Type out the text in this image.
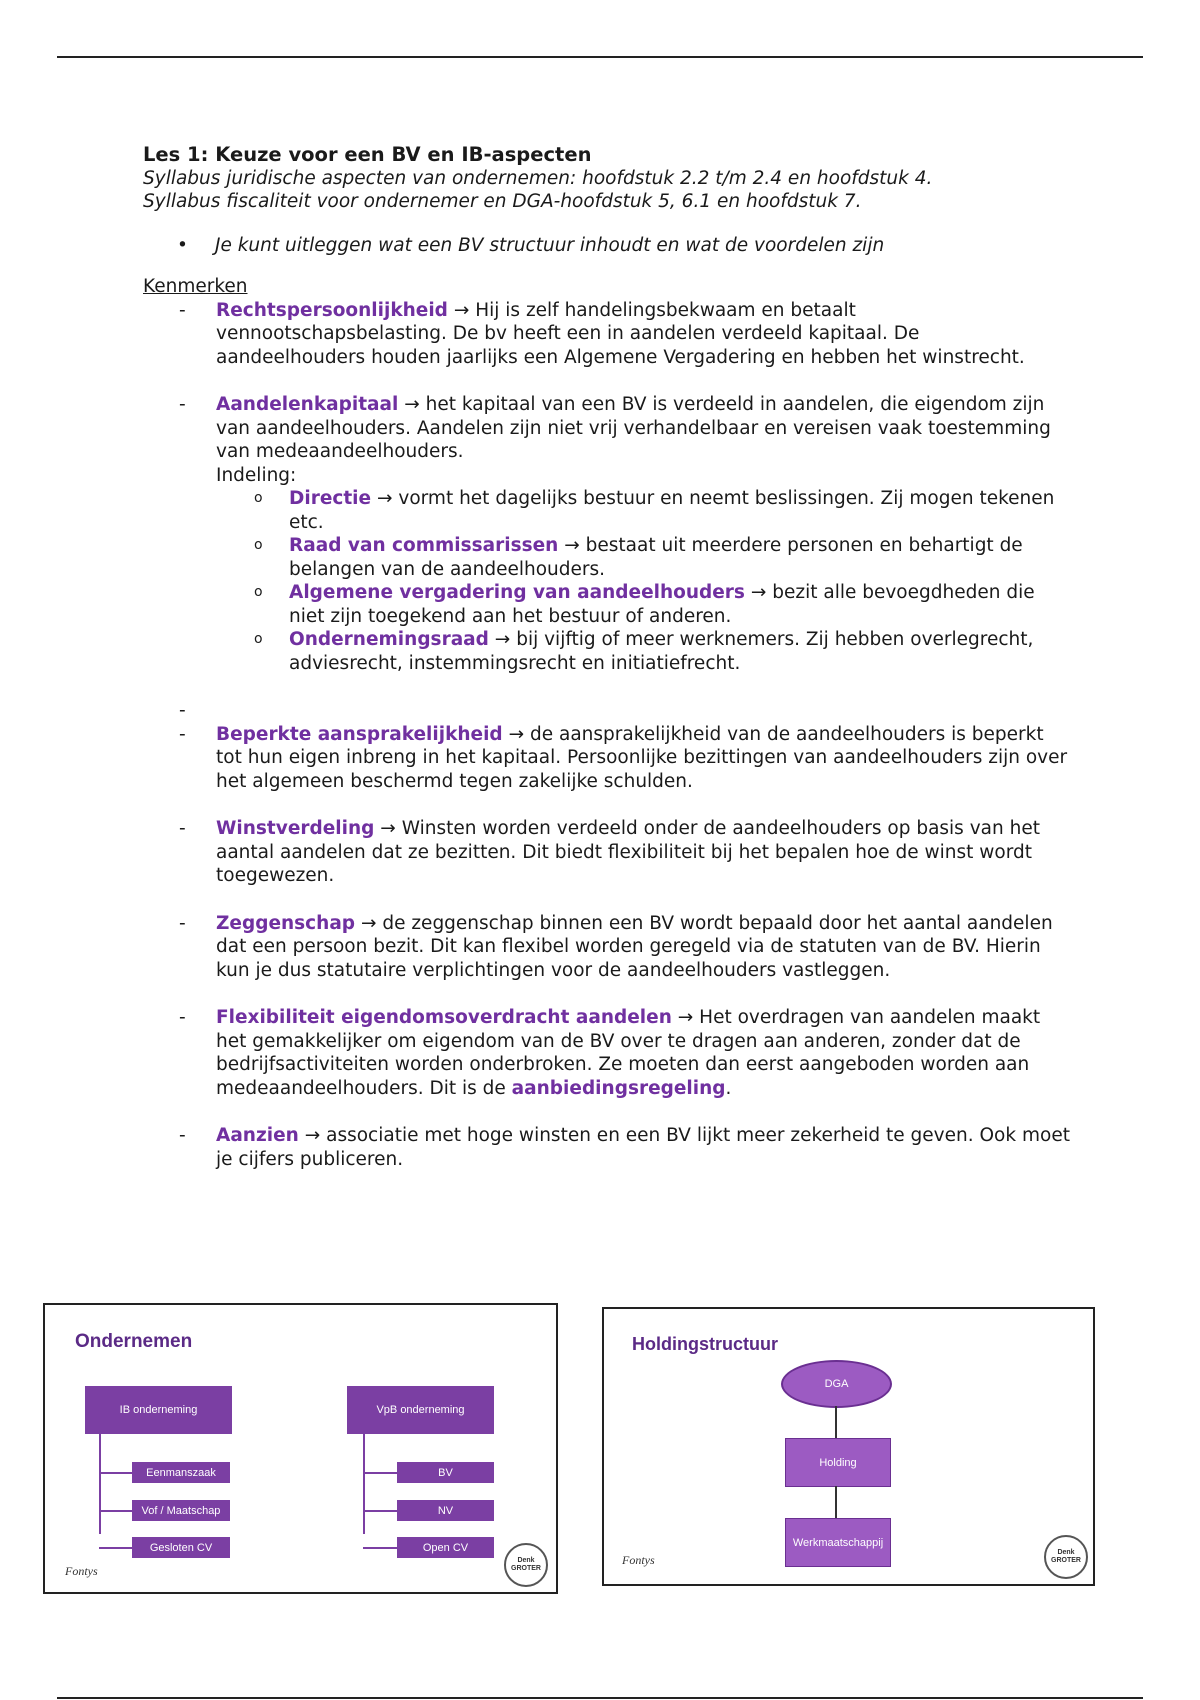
Les 1: Keuze voor een BV en IB-aspecten

Syllabus juridische aspecten van ondernemen: hoofdstuk 2.2 t/m 2.4 en hoofdstuk 4.

Syllabus fiscaliteit voor ondernemer en DGA-hoofdstuk 5, 6.1 en hoofdstuk 7.

•	Je kunt uitleggen wat een BV structuur inhoudt en wat de voordelen zijn
Kenmerken
-	Rechtspersoonlijkheid → Hij is zelf handelingsbekwaam en betaalt vennootschapsbelasting. De bv heeft een in aandelen verdeeld kapitaal. De aandeelhouders houden jaarlijks een Algemene Vergadering en hebben het winstrecht.
-	Aandelenkapitaal → het kapitaal van een BV is verdeeld in aandelen, die eigendom zijn van aandeelhouders. Aandelen zijn niet vrij verhandelbaar en vereisen vaak toestemming van medeaandeelhouders.
Indeling:
o	Directie → vormt het dagelijks bestuur en neemt beslissingen. Zij mogen tekenen etc.
o	Raad van commissarissen → bestaat uit meerdere personen en behartigt de belangen van de aandeelhouders.
o	Algemene vergadering van aandeelhouders → bezit alle bevoegdheden die niet zijn toegekend aan het bestuur of anderen.
o	Ondernemingsraad → bij vijftig of meer werknemers. Zij hebben overlegrecht, adviesrecht, instemmingsrecht en initiatiefrecht.
-
-	Beperkte aansprakelijkheid → de aansprakelijkheid van de aandeelhouders is beperkt tot hun eigen inbreng in het kapitaal. Persoonlijke bezittingen van aandeelhouders zijn over het algemeen beschermd tegen zakelijke schulden.
-	Winstverdeling → Winsten worden verdeeld onder de aandeelhouders op basis van het aantal aandelen dat ze bezitten. Dit biedt flexibiliteit bij het bepalen hoe de winst wordt toegewezen.
-	Zeggenschap → de zeggenschap binnen een BV wordt bepaald door het aantal aandelen dat een persoon bezit. Dit kan flexibel worden geregeld via de statuten van de BV. Hierin kun je dus statutaire verplichtingen voor de aandeelhouders vastleggen.
-	Flexibiliteit eigendomsoverdracht aandelen → Het overdragen van aandelen maakt het gemakkelijker om eigendom van de BV over te dragen aan anderen, zonder dat de bedrijfsactiviteiten worden onderbroken. Ze moeten dan eerst aangeboden worden aan medeaandeelhouders. Dit is de aanbiedingsregeling.
-	Aanzien → associatie met hoge winsten en een BV lijkt meer zekerheid te geven. Ook moet je cijfers publiceren.
Ondernemen
IB onderneming
Eenmanszaak
Vof / Maatschap
Gesloten CV
VpB onderneming
BV
NV
Open CV
Fontys
Denk GROTER
Holdingstructuur
DGA
Holding
Werkmaatschappij
Fontys
Denk GROTER
